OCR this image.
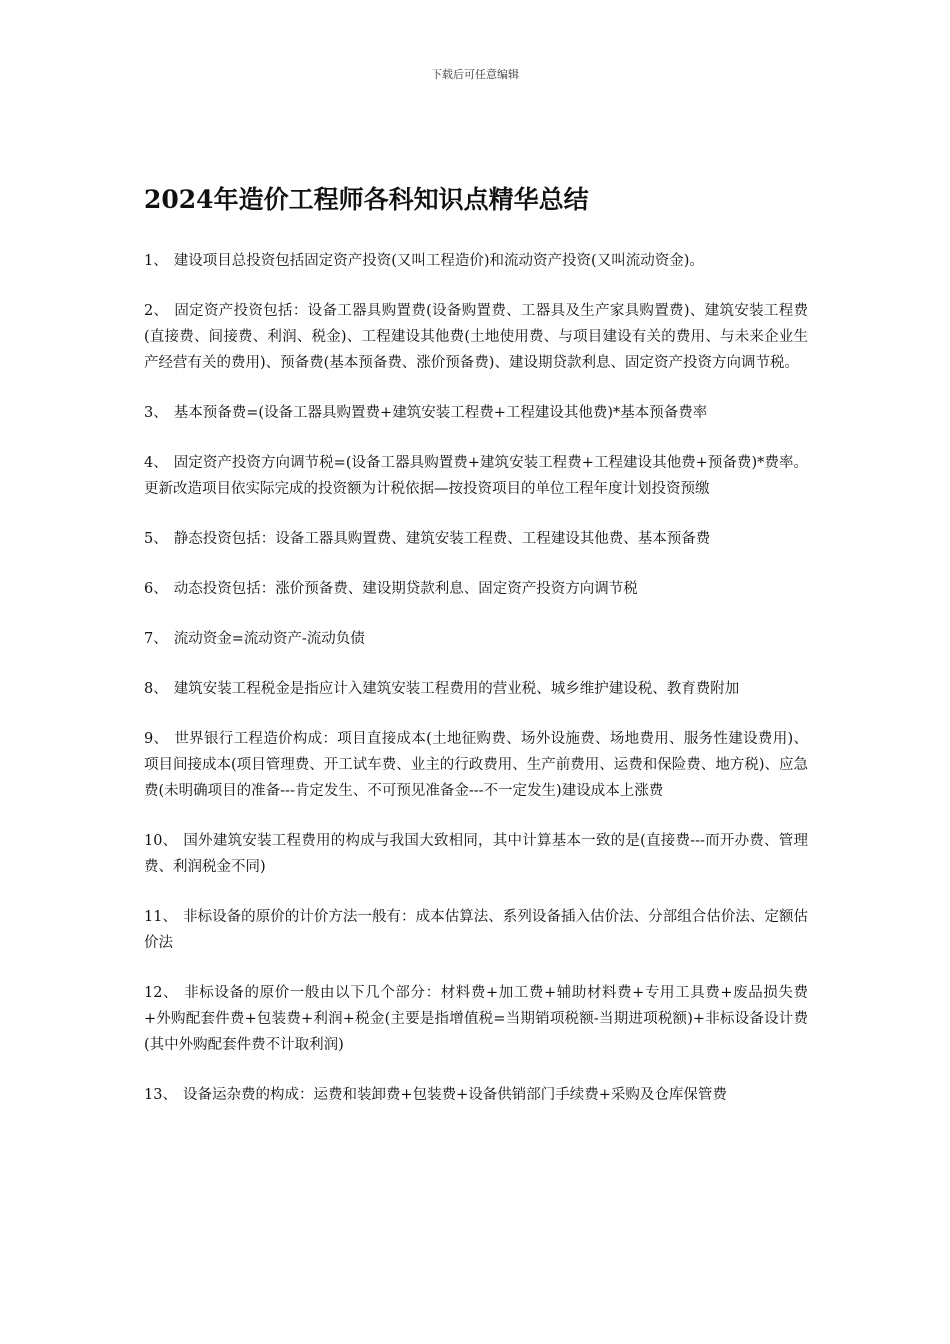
下载后可任意编辑
2024年造价工程师各科知识点精华总结

1、 建设项目总投资包括固定资产投资(又叫工程造价)和流动资产投资(又叫流动资金)。

2、 固定资产投资包括：设备工器具购置费(设备购置费、工器具及生产家具购置费)、建筑安装工程费(直接费、间接费、利润、税金)、工程建设其他费(土地使用费、与项目建设有关的费用、与未来企业生产经营有关的费用)、预备费(基本预备费、涨价预备费)、建设期贷款利息、固定资产投资方向调节税。

3、 基本预备费=(设备工器具购置费+建筑安装工程费+工程建设其他费)*基本预备费率

4、 固定资产投资方向调节税=(设备工器具购置费+建筑安装工程费+工程建设其他费+预备费)*费率。更新改造项目依实际完成的投资额为计税依据—按投资项目的单位工程年度计划投资预缴

5、 静态投资包括：设备工器具购置费、建筑安装工程费、工程建设其他费、基本预备费

6、 动态投资包括：涨价预备费、建设期贷款利息、固定资产投资方向调节税

7、 流动资金=流动资产-流动负债

8、 建筑安装工程税金是指应计入建筑安装工程费用的营业税、城乡维护建设税、教育费附加

9、 世界银行工程造价构成：项目直接成本(土地征购费、场外设施费、场地费用、服务性建设费用)、项目间接成本(项目管理费、开工试车费、业主的行政费用、生产前费用、运费和保险费、地方税)、应急费(未明确项目的准备---肯定发生、不可预见准备金---不一定发生)建设成本上涨费

10、 国外建筑安装工程费用的构成与我国大致相同，其中计算基本一致的是(直接费---而开办费、管理费、利润税金不同)

11、 非标设备的原价的计价方法一般有：成本估算法、系列设备插入估价法、分部组合估价法、定额估价法

12、 非标设备的原价一般由以下几个部分：材料费+加工费+辅助材料费+专用工具费+废品损失费+外购配套件费+包装费+利润+税金(主要是指增值税=当期销项税额-当期进项税额)+非标设备设计费(其中外购配套件费不计取利润)

13、 设备运杂费的构成：运费和装卸费+包装费+设备供销部门手续费+采购及仓库保管费
